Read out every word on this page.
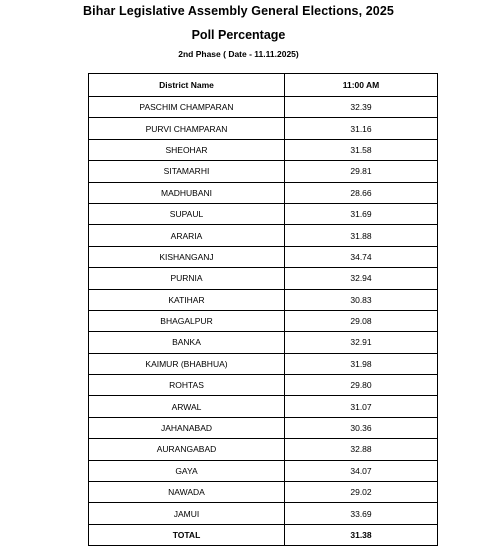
Bihar Legislative Assembly General Elections, 2025
Poll Percentage
2nd Phase ( Date - 11.11.2025)
District Name	11:00 AM
PASCHIM CHAMPARAN	32.39
PURVI CHAMPARAN	31.16
SHEOHAR	31.58
SITAMARHI	29.81
MADHUBANI	28.66
SUPAUL	31.69
ARARIA	31.88
KISHANGANJ	34.74
PURNIA	32.94
KATIHAR	30.83
BHAGALPUR	29.08
BANKA	32.91
KAIMUR (BHABHUA)	31.98
ROHTAS	29.80
ARWAL	31.07
JAHANABAD	30.36
AURANGABAD	32.88
GAYA	34.07
NAWADA	29.02
JAMUI	33.69
TOTAL	31.38
